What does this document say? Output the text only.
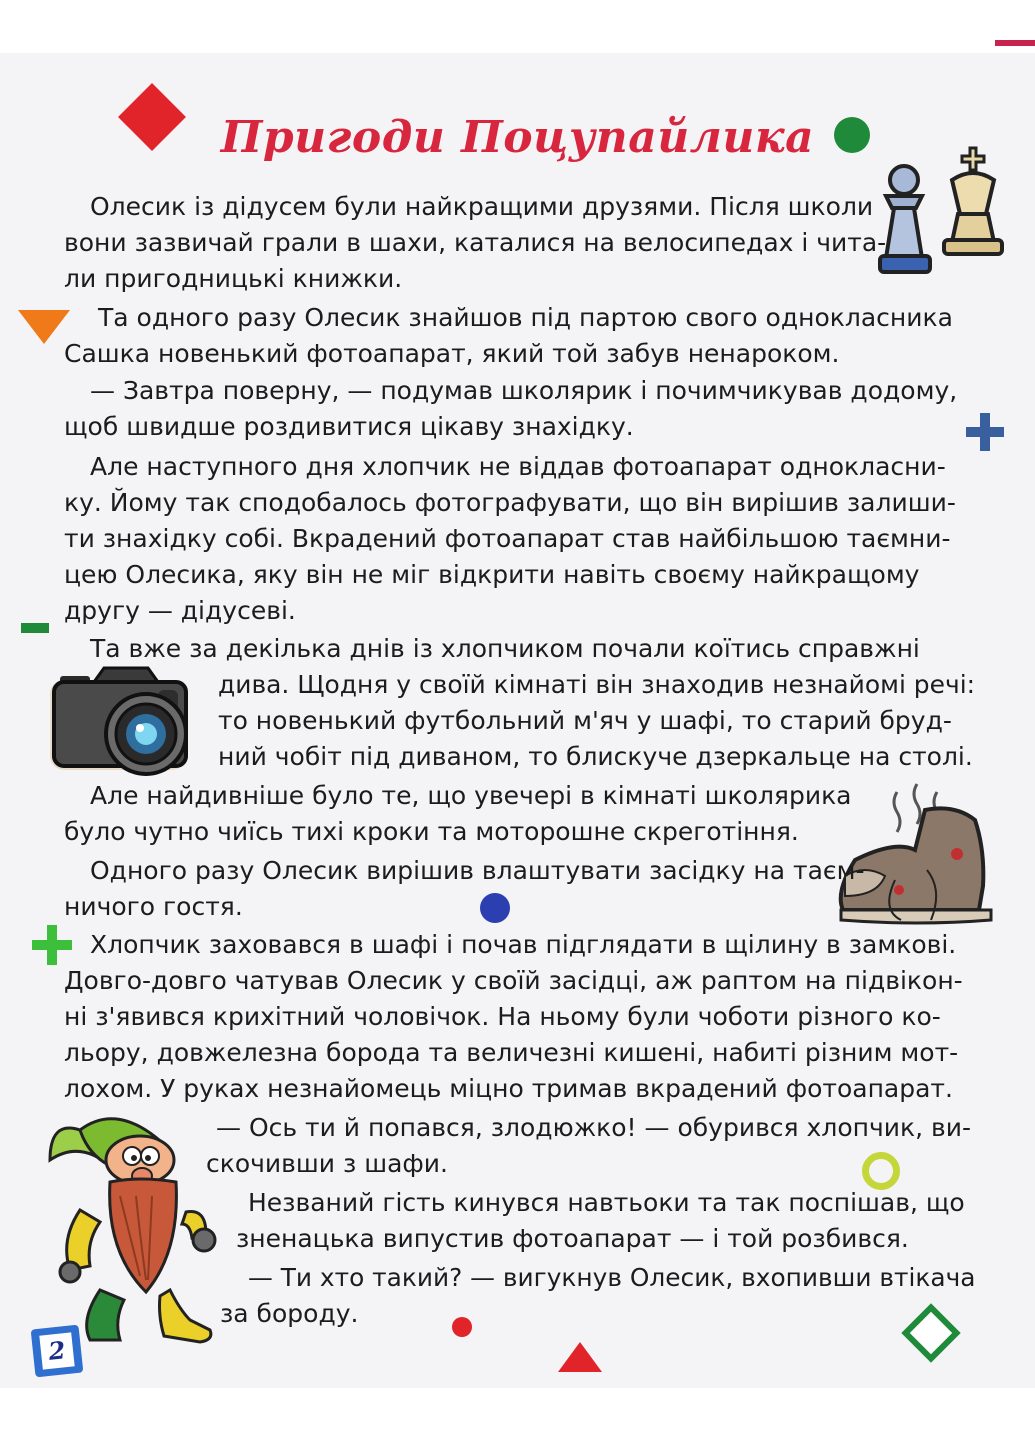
Пригоди Поцупайлика
2
Олесик із дідусем були найкращими друзями. Після школи
вони зазвичай грали в шахи, каталися на велосипедах і чита-
ли пригодницькі книжки.
Та одного разу Олесик знайшов під партою свого однокласника
Сашка новенький фотоапарат, який той забув ненароком.
— Завтра поверну, — подумав школярик і почимчикував додому,
щоб швидше роздивитися цікаву знахідку.
Але наступного дня хлопчик не віддав фотоапарат однокласни-
ку. Йому так сподобалось фотографувати, що він вирішив залиши-
ти знахідку собі. Вкрадений фотоапарат став найбільшою таємни-
цею Олесика, яку він не міг відкрити навіть своєму найкращому
другу — дідусеві.
Та вже за декілька днів із хлопчиком почали коїтись справжні
дива. Щодня у своїй кімнаті він знаходив незнайомі речі:
то новенький футбольний м'яч у шафі, то старий бруд-
ний чобіт під диваном, то блискуче дзеркальце на столі.
Але найдивніше було те, що увечері в кімнаті школярика
було чутно чиїсь тихі кроки та моторошне скреготіння.
Одного разу Олесик вирішив влаштувати засідку на таєм-
ничого гостя.
Хлопчик заховався в шафі і почав підглядати в щілину в замкові.
Довго-довго чатував Олесик у своїй засідці, аж раптом на підвікон-
ні з'явився крихітний чоловічок. На ньому були чоботи різного ко-
льору, довжелезна борода та величезні кишені, набиті різним мот-
лохом. У руках незнайомець міцно тримав вкрадений фотоапарат.
— Ось ти й попався, злодюжко! — обурився хлопчик, ви-
скочивши з шафи.
Незваний гість кинувся навтьоки та так поспішав, що
зненацька випустив фотоапарат — і той розбився.
— Ти хто такий? — вигукнув Олесик, вхопивши втікача
за бороду.
